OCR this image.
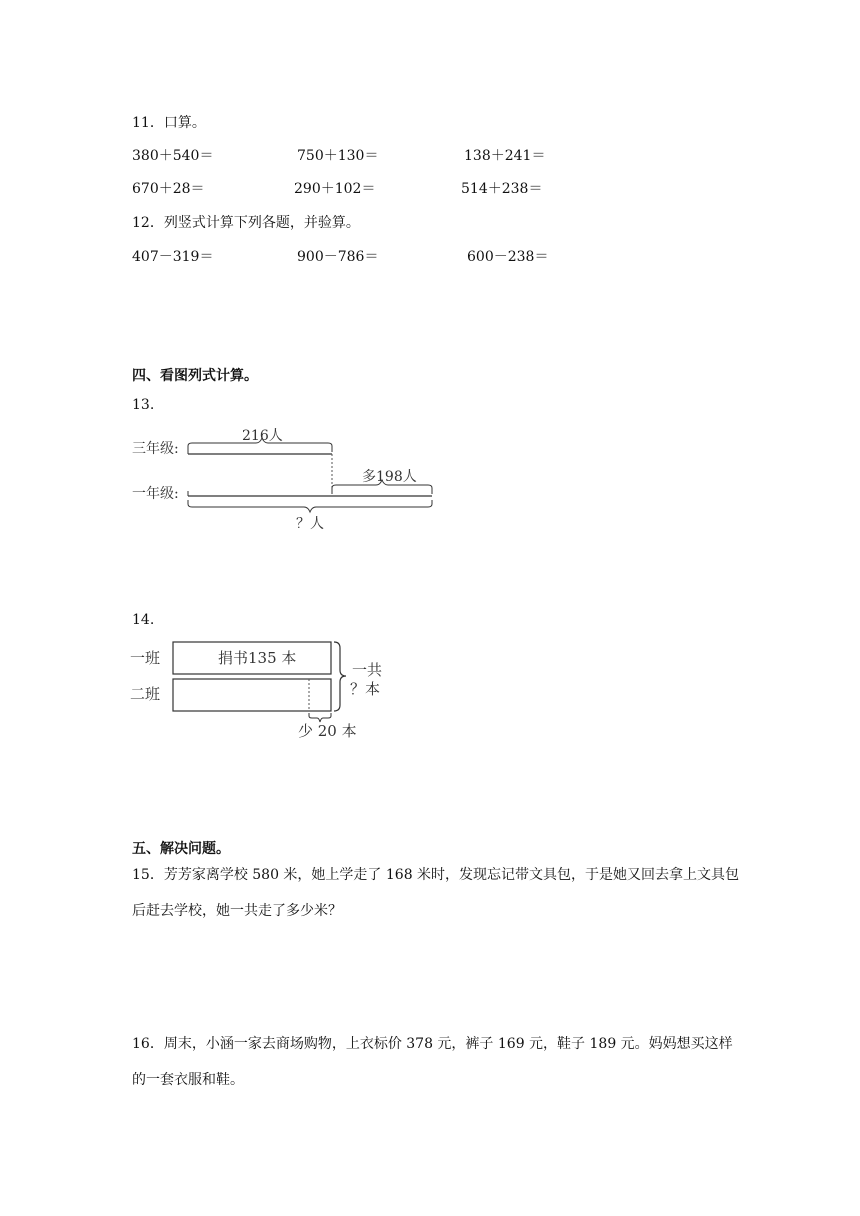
11．口算。
380＋540＝	750＋130＝	138＋241＝
670＋28＝	290＋102＝	514＋238＝
12．列竖式计算下列各题，并验算。
407－319＝	900－786＝	600－238＝
四、看图列式计算。
13.
三年级:
一年级:
216人
多198人
？人
14.
一班
二班
捐书135 本
一共
？本
少 20 本
五、解决问题。
15．芳芳家离学校 580 米，她上学走了 168 米时，发现忘记带文具包，于是她又回去拿上文具包后赶去学校，她一共走了多少米？
16．周末，小涵一家去商场购物，上衣标价 378 元，裤子 169 元，鞋子 189 元。妈妈想买这样的一套衣服和鞋。
